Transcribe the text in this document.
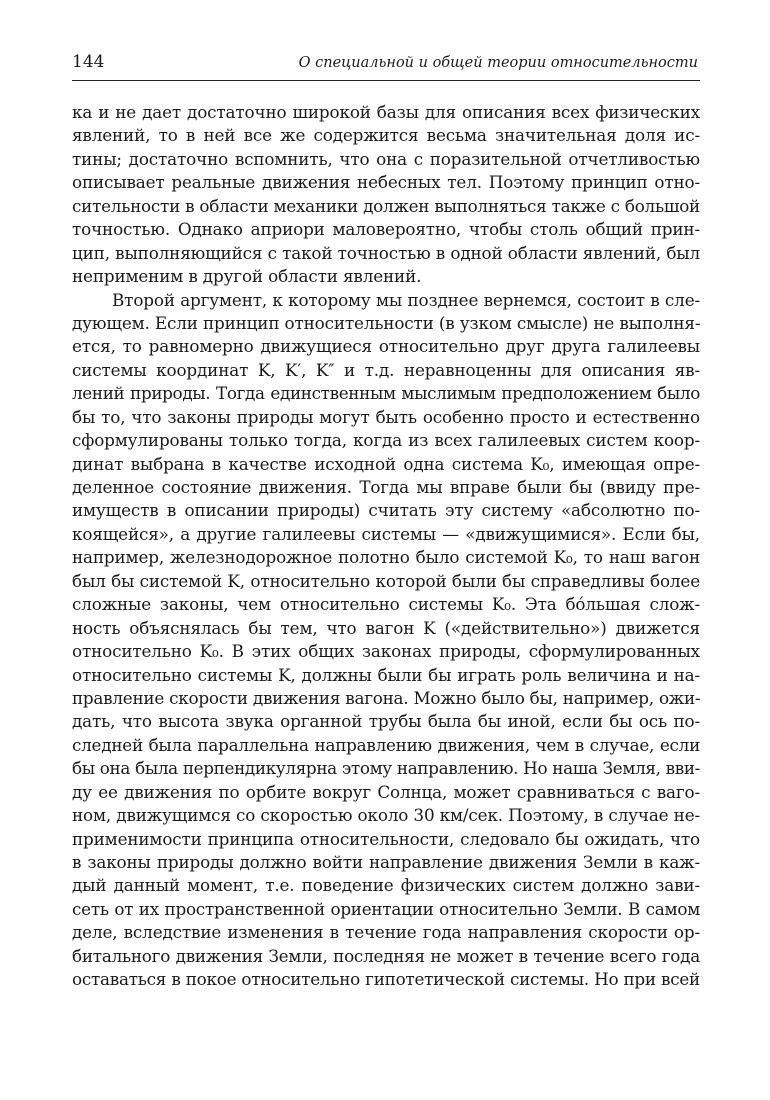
144	О специальной и общей теории относительности
ка и не дает достаточно широкой базы для описания всех физических
явлений, то в ней все же содержится весьма значительная доля ис-
тины; достаточно вспомнить, что она с поразительной отчетливостью
описывает реальные движения небесных тел. Поэтому принцип отно-
сительности в области механики должен выполняться также с большой
точностью. Однако априори маловероятно, чтобы столь общий прин-
цип, выполняющийся с такой точностью в одной области явлений, был
неприменим в другой области явлений.
Второй аргумент, к которому мы позднее вернемся, состоит в сле-
дующем. Если принцип относительности (в узком смысле) не выполня-
ется, то равномерно движущиеся относительно друг друга галилеевы
системы координат K, K′, K″ и т.д. неравноценны для описания яв-
лений природы. Тогда единственным мыслимым предположением было
бы то, что законы природы могут быть особенно просто и естественно
сформулированы только тогда, когда из всех галилеевых систем коор-
динат выбрана в качестве исходной одна система K₀, имеющая опре-
деленное состояние движения. Тогда мы вправе были бы (ввиду пре-
имуществ в описании природы) считать эту систему «абсолютно по-
коящейся», а другие галилеевы системы — «движущимися». Если бы,
например, железнодорожное полотно было системой K₀, то наш вагон
был бы системой K, относительно которой были бы справедливы более
сложные законы, чем относительно системы K₀. Эта бо́льшая слож-
ность объяснялась бы тем, что вагон K («действительно») движется
относительно K₀. В этих общих законах природы, сформулированных
относительно системы K, должны были бы играть роль величина и на-
правление скорости движения вагона. Можно было бы, например, ожи-
дать, что высота звука органной трубы была бы иной, если бы ось по-
следней была параллельна направлению движения, чем в случае, если
бы она была перпендикулярна этому направлению. Но наша Земля, вви-
ду ее движения по орбите вокруг Солнца, может сравниваться с ваго-
ном, движущимся со скоростью около 30 км/сек. Поэтому, в случае не-
применимости принципа относительности, следовало бы ожидать, что
в законы природы должно войти направление движения Земли в каж-
дый данный момент, т.е. поведение физических систем должно зави-
сеть от их пространственной ориентации относительно Земли. В самом
деле, вследствие изменения в течение года направления скорости ор-
битального движения Земли, последняя не может в течение всего года
оставаться в покое относительно гипотетической системы. Но при всей
